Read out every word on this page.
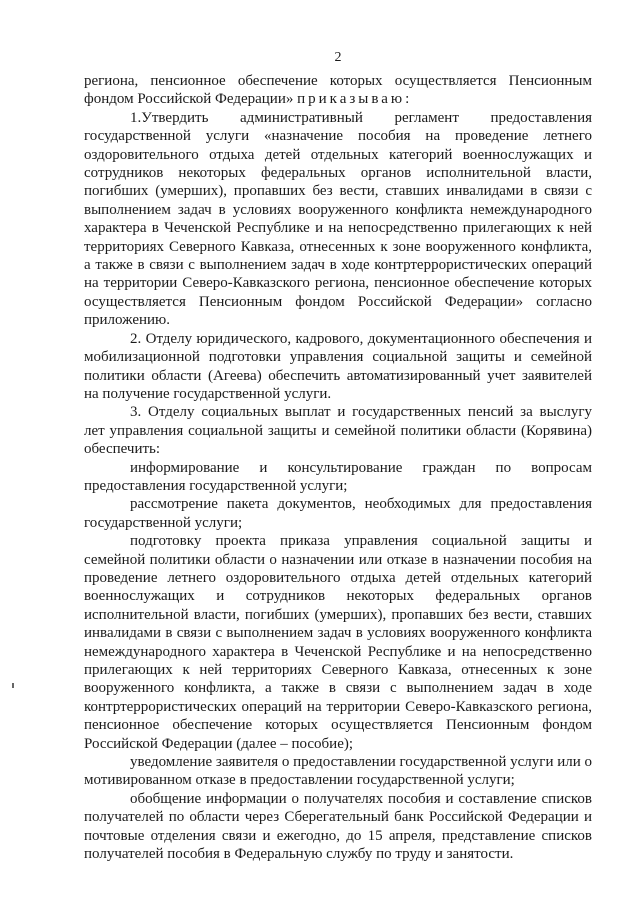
2

региона, пенсионное обеспечение которых осуществляется Пенсионным фондом Российской Федерации» приказываю:

1.Утвердить административный регламент предоставления государственной услуги «назначение пособия на проведение летнего оздоровительного отдыха детей отдельных категорий военнослужащих и сотрудников некоторых федеральных органов исполнительной власти, погибших (умерших), пропавших без вести, ставших инвалидами в связи с выполнением задач в условиях вооруженного конфликта немеждународного характера в Чеченской Республике и на непосредственно прилегающих к ней территориях Северного Кавказа, отнесенных к зоне вооруженного конфликта, а также в связи с выполнением задач в ходе контртеррористических операций на территории Северо-Кавказского региона, пенсионное обеспечение которых осуществляется Пенсионным фондом Российской Федерации» согласно приложению.

2. Отделу юридического, кадрового, документационного обеспечения и мобилизационной подготовки управления социальной защиты и семейной политики области (Агеева) обеспечить автоматизированный учет заявителей на получение государственной услуги.

3. Отделу социальных выплат и государственных пенсий за выслугу лет управления социальной защиты и семейной политики области (Корявина) обеспечить:

информирование и консультирование граждан по вопросам предоставления государственной услуги;

рассмотрение пакета документов, необходимых для предоставления государственной услуги;

подготовку проекта приказа управления социальной защиты и семейной политики области о назначении или отказе в назначении пособия на проведение летнего оздоровительного отдыха детей отдельных категорий военнослужащих и сотрудников некоторых федеральных органов исполнительной власти, погибших (умерших), пропавших без вести, ставших инвалидами в связи с выполнением задач в условиях вооруженного конфликта немеждународного характера в Чеченской Республике и на непосредственно прилегающих к ней территориях Северного Кавказа, отнесенных к зоне вооруженного конфликта, а также в связи с выполнением задач в ходе контртеррористических операций на территории Северо-Кавказского региона, пенсионное обеспечение которых осуществляется Пенсионным фондом Российской Федерации (далее – пособие);

уведомление заявителя о предоставлении государственной услуги или о мотивированном отказе в предоставлении государственной услуги;

обобщение информации о получателях пособия и составление списков получателей по области через Сберегательный банк Российской Федерации и почтовые отделения связи и ежегодно, до 15 апреля, представление списков получателей пособия в Федеральную службу по труду и занятости.
